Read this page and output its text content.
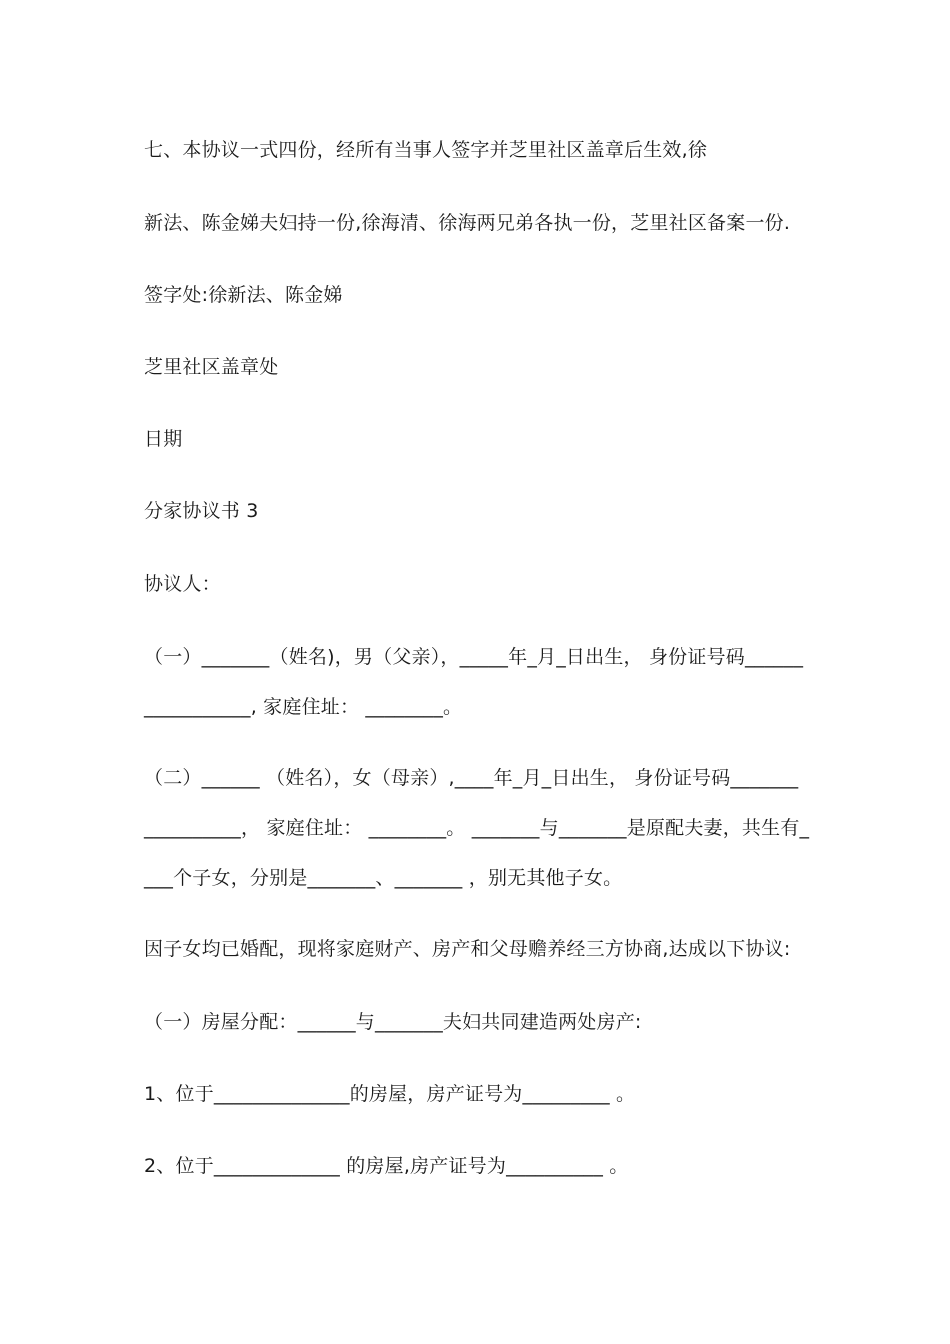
七、本协议一式四份，经所有当事人签字并芝里社区盖章后生效,徐
新法、陈金娣夫妇持一份,徐海清、徐海两兄弟各执一份，芝里社区备案一份.
签字处:徐新法、陈金娣
芝里社区盖章处
日期
分家协议书 3
协议人：
（一）_______（姓名)，男（父亲），_____年_月_日出生， 身份证号码______
___________, 家庭住址： ________。
（二）______ （姓名），女（母亲）,____年_月_日出生， 身份证号码_______
__________， 家庭住址： ________。 _______与_______是原配夫妻，共生有_
___个子女，分别是_______、_______ ，别无其他子女。
因子女均已婚配，现将家庭财产、房产和父母赡养经三方协商,达成以下协议:
（一）房屋分配：______与_______夫妇共同建造两处房产:
1、位于______________的房屋，房产证号为_________ 。
2、位于_____________ 的房屋,房产证号为__________ 。
